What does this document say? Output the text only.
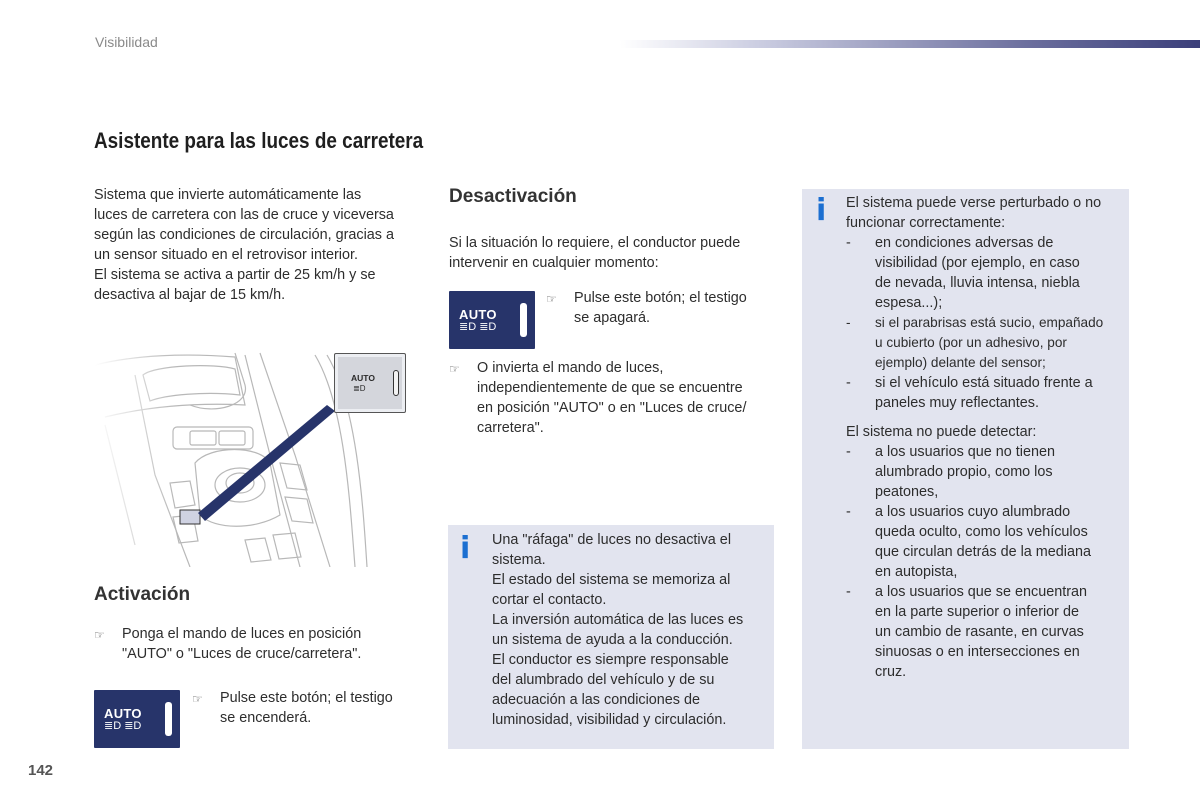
Visibilidad
Asistente para las luces de carretera
Sistema que invierte automáticamente las
luces de carretera con las de cruce y viceversa
según las condiciones de circulación, gracias a
un sensor situado en el retrovisor interior.
El sistema se activa a partir de 25 km/h y se
desactiva al bajar de 15 km/h.
AUTO
≣D
Activación
☞	Ponga el mando de luces en posición
"AUTO" o "Luces de cruce/carretera".
AUTO
≣D ≣D
☞	Pulse este botón; el testigo
se encenderá.
Desactivación
Si la situación lo requiere, el conductor puede
intervenir en cualquier momento:
AUTO
≣D ≣D
☞	Pulse este botón; el testigo
se apagará.
☞	O invierta el mando de luces,
independientemente de que se encuentre
en posición "AUTO" o en "Luces de cruce/
carretera".
i Una "ráfaga" de luces no desactiva el
sistema.
El estado del sistema se memoriza al
cortar el contacto.
La inversión automática de las luces es
un sistema de ayuda a la conducción.
El conductor es siempre responsable
del alumbrado del vehículo y de su
adecuación a las condiciones de
luminosidad, visibilidad y circulación.
i El sistema puede verse perturbado o no
funcionar correctamente:
-	en condiciones adversas de
visibilidad (por ejemplo, en caso
de nevada, lluvia intensa, niebla
espesa...);
-	si el parabrisas está sucio, empañado
u cubierto (por un adhesivo, por
ejemplo) delante del sensor;
-	si el vehículo está situado frente a
paneles muy reflectantes.
El sistema no puede detectar:
-	a los usuarios que no tienen
alumbrado propio, como los
peatones,
-	a los usuarios cuyo alumbrado
queda oculto, como los vehículos
que circulan detrás de la mediana
en autopista,
-	a los usuarios que se encuentran
en la parte superior o inferior de
un cambio de rasante, en curvas
sinuosas o en intersecciones en
cruz.
142
